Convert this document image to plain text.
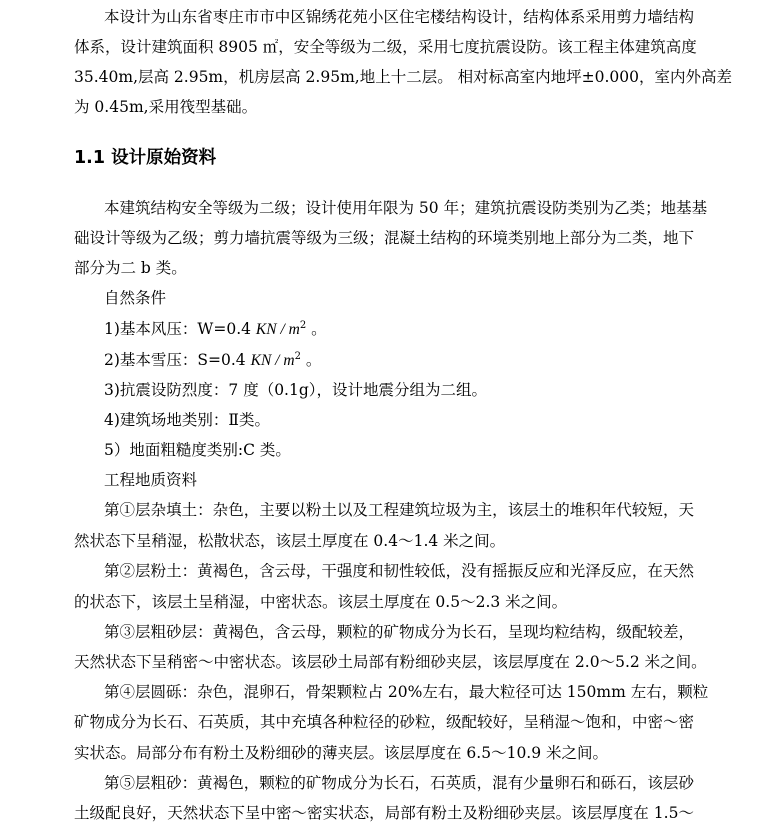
本设计为山东省枣庄市市中区锦绣花苑小区住宅楼结构设计，结构体系采用剪力墙结构
体系，设计建筑面积 8905 ㎡，安全等级为二级，采用七度抗震设防。该工程主体建筑高度
35.40m,层高 2.95m，机房层高 2.95m,地上十二层。 相对标高室内地坪±0.000，室内外高差
为 0.45m,采用筏型基础。
1.1 设计原始资料
本建筑结构安全等级为二级；设计使用年限为 50 年；建筑抗震设防类别为乙类；地基基
础设计等级为乙级；剪力墙抗震等级为三级；混凝土结构的环境类别地上部分为二类，地下
部分为二 b 类。
自然条件
1)基本风压：W=0.4 KN / $m^2$ 。
2)基本雪压：S=0.4 KN / $m^2$ 。
3)抗震设防烈度：7 度（0.1g），设计地震分组为二组。
4)建筑场地类别：Ⅱ类。
5）地面粗糙度类别:C 类。
工程地质资料
第①层杂填土：杂色，主要以粉土以及工程建筑垃圾为主，该层土的堆积年代较短，天
然状态下呈稍湿，松散状态，该层土厚度在 0.4～1.4 米之间。
第②层粉土：黄褐色，含云母，干强度和韧性较低，没有摇振反应和光泽反应，在天然
的状态下，该层土呈稍湿，中密状态。该层土厚度在 0.5～2.3 米之间。
第③层粗砂层：黄褐色，含云母，颗粒的矿物成分为长石，呈现均粒结构，级配较差，
天然状态下呈稍密～中密状态。该层砂土局部有粉细砂夹层，该层厚度在 2.0～5.2 米之间。
第④层圆砾：杂色，混卵石，骨架颗粒占 20%左右，最大粒径可达 150mm 左右，颗粒
矿物成分为长石、石英质，其中充填各种粒径的砂粒，级配较好，呈稍湿～饱和，中密～密
实状态。局部分布有粉土及粉细砂的薄夹层。该层厚度在 6.5～10.9 米之间。
第⑤层粗砂：黄褐色，颗粒的矿物成分为长石，石英质，混有少量卵石和砾石，该层砂
土级配良好，天然状态下呈中密～密实状态，局部有粉土及粉细砂夹层。该层厚度在 1.5～
